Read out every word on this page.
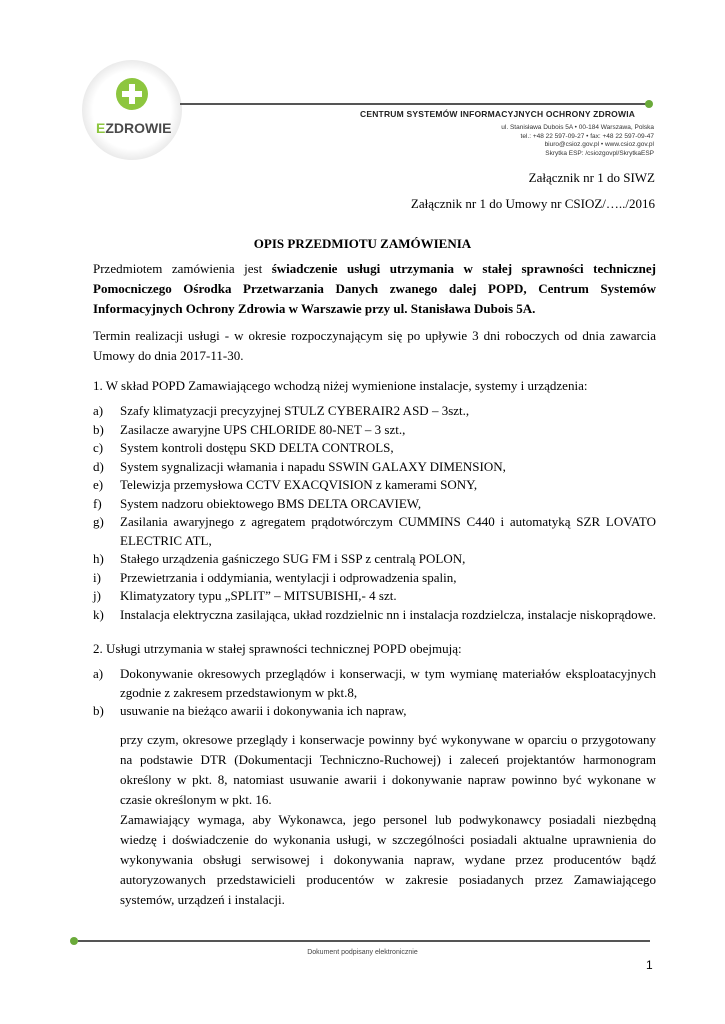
EZDROWIE
CENTRUM SYSTEMÓW INFORMACYJNYCH OCHRONY ZDROWIA
ul. Stanisława Dubois 5A • 00-184 Warszawa, Polska
tel.: +48 22 597-09-27 • fax: +48 22 597-09-47
biuro@csioz.gov.pl • www.csioz.gov.pl
Skrytka ESP: /csiozgovpl/SkrytkaESP
Załącznik nr 1 do SIWZ
Załącznik nr 1 do Umowy nr CSIOZ/…../2016
OPIS PRZEDMIOTU ZAMÓWIENIA
Przedmiotem zamówienia jest świadczenie usługi utrzymania w stałej sprawności technicznej Pomocniczego Ośrodka Przetwarzania Danych zwanego dalej POPD, Centrum Systemów Informacyjnych Ochrony Zdrowia w Warszawie przy ul. Stanisława Dubois 5A.
Termin realizacji usługi - w okresie rozpoczynającym się po upływie 3 dni roboczych od dnia zawarcia Umowy do dnia 2017-11-30.
1. W skład POPD Zamawiającego wchodzą niżej wymienione instalacje, systemy i urządzenia:
a) Szafy klimatyzacji precyzyjnej STULZ CYBERAIR2 ASD – 3szt.,
b) Zasilacze awaryjne UPS CHLORIDE 80-NET – 3 szt.,
c) System kontroli dostępu SKD DELTA CONTROLS,
d) System sygnalizacji włamania i napadu SSWIN GALAXY DIMENSION,
e) Telewizja przemysłowa CCTV EXACQVISION z kamerami SONY,
f) System nadzoru obiektowego BMS DELTA ORCAVIEW,
g) Zasilania awaryjnego z agregatem prądotwórczym CUMMINS C440 i automatyką SZR LOVATO ELECTRIC ATL,
h) Stałego urządzenia gaśniczego SUG FM i SSP z centralą POLON,
i) Przewietrzania i oddymiania, wentylacji i odprowadzenia spalin,
j) Klimatyzatory typu „SPLIT” – MITSUBISHI,- 4 szt.
k) Instalacja elektryczna zasilająca, układ rozdzielnic nn i instalacja rozdzielcza, instalacje niskoprądowe.
2. Usługi utrzymania w stałej sprawności technicznej POPD obejmują:
a) Dokonywanie okresowych przeglądów i konserwacji, w tym wymianę materiałów eksploatacyjnych zgodnie z zakresem przedstawionym w pkt.8,
b) usuwanie na bieżąco awarii i dokonywania ich napraw,
przy czym, okresowe przeglądy i konserwacje powinny być wykonywane w oparciu o przygotowany na podstawie DTR (Dokumentacji Techniczno-Ruchowej) i zaleceń projektantów harmonogram określony w pkt. 8, natomiast usuwanie awarii i dokonywanie napraw powinno być wykonane w czasie określonym w pkt. 16.
Zamawiający wymaga, aby Wykonawca, jego personel lub podwykonawcy posiadali niezbędną wiedzę i doświadczenie do wykonania usługi, w szczególności posiadali aktualne uprawnienia do wykonywania obsługi serwisowej i dokonywania napraw, wydane przez producentów bądź autoryzowanych przedstawicieli producentów w zakresie posiadanych przez Zamawiającego systemów, urządzeń i instalacji.
Dokument podpisany elektronicznie
1
